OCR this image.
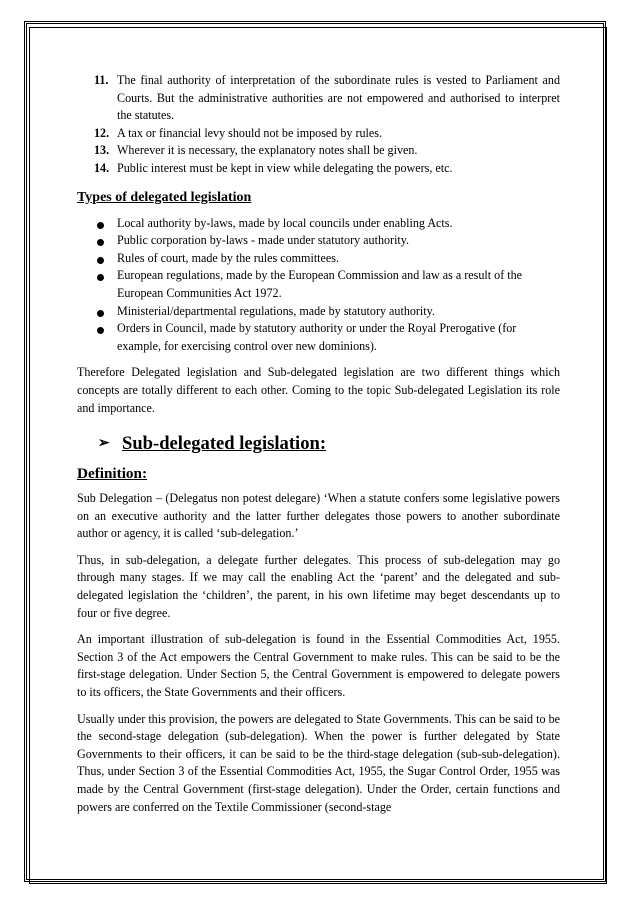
11. The final authority of interpretation of the subordinate rules is vested to Parliament and Courts. But the administrative authorities are not empowered and authorised to interpret the statutes.
12. A tax or financial levy should not be imposed by rules.
13. Wherever it is necessary, the explanatory notes shall be given.
14. Public interest must be kept in view while delegating the powers, etc.
Types of delegated legislation
Local authority by-laws, made by local councils under enabling Acts.
Public corporation by-laws - made under statutory authority.
Rules of court, made by the rules committees.
European regulations, made by the European Commission and law as a result of the European Communities Act 1972.
Ministerial/departmental regulations, made by statutory authority.
Orders in Council, made by statutory authority or under the Royal Prerogative (for example, for exercising control over new dominions).

Therefore Delegated legislation and Sub-delegated legislation are two different things which concepts are totally different to each other. Coming to the topic Sub-delegated Legislation its role and importance.

➢ Sub-delegated legislation:
Definition:

Sub Delegation – (Delegatus non potest delegare) ‘When a statute confers some legislative powers on an executive authority and the latter further delegates those powers to another subordinate author or agency, it is called ‘sub-delegation.’

Thus, in sub-delegation, a delegate further delegates. This process of sub-delegation may go through many stages. If we may call the enabling Act the ‘parent’ and the delegated and sub-delegated legislation the ‘children’, the parent, in his own lifetime may beget descendants up to four or five degree.

An important illustration of sub-delegation is found in the Essential Commodities Act, 1955. Section 3 of the Act empowers the Central Government to make rules. This can be said to be the first-stage delegation. Under Section 5, the Central Government is empowered to delegate powers to its officers, the State Governments and their officers.

Usually under this provision, the powers are delegated to State Governments. This can be said to be the second-stage delegation (sub-delegation). When the power is further delegated by State Governments to their officers, it can be said to be the third-stage delegation (sub-sub-delegation). Thus, under Section 3 of the Essential Commodities Act, 1955, the Sugar Control Order, 1955 was made by the Central Government (first-stage delegation). Under the Order, certain functions and powers are conferred on the Textile Commissioner (second-stage
